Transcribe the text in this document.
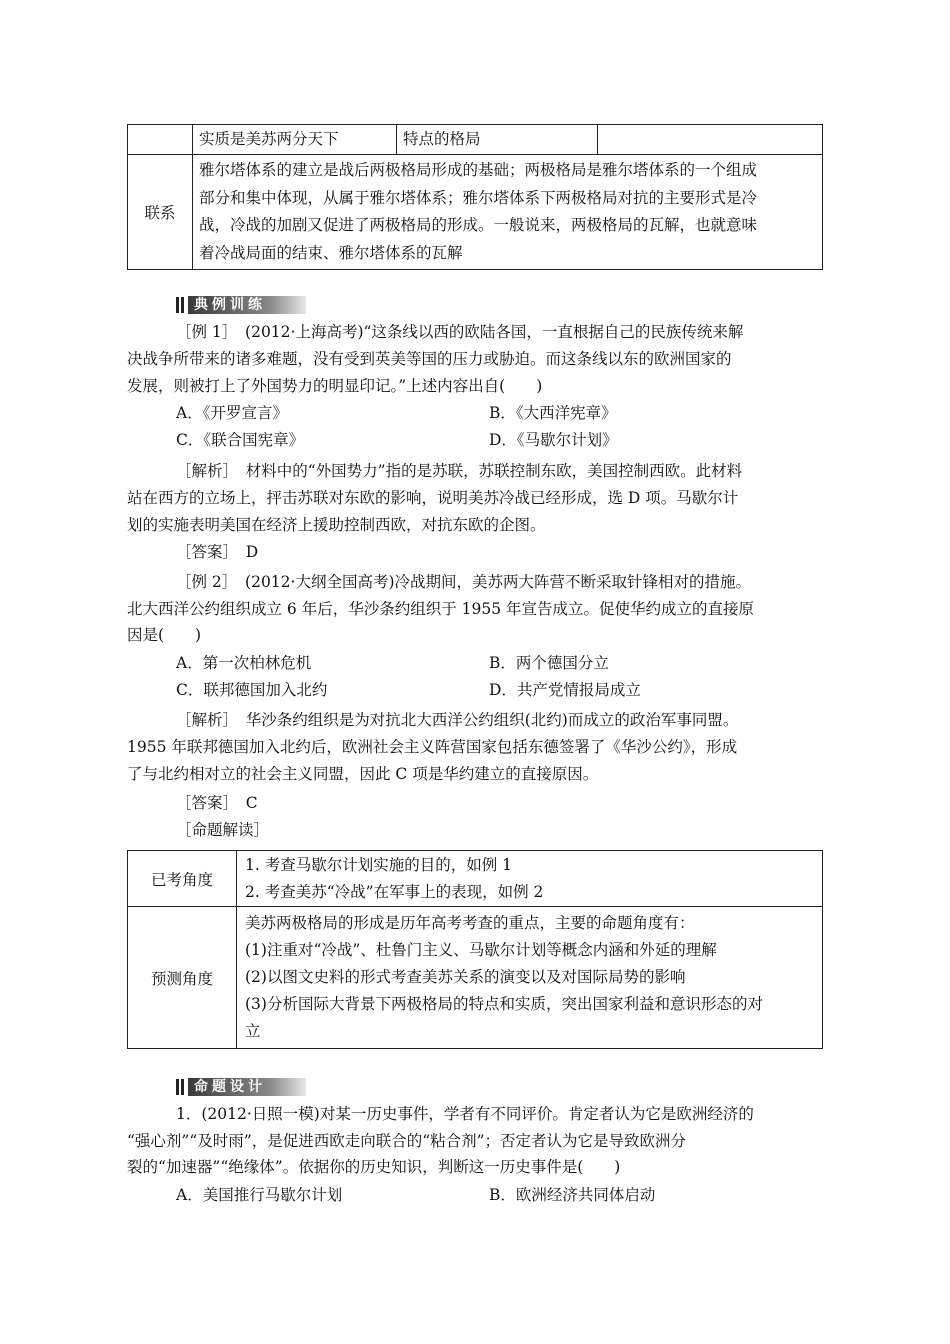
	实质是美苏两分天下	特点的格局	

联系	雅尔塔体系的建立是战后两极格局形成的基础；两极格局是雅尔塔体系的一个组成
部分和集中体现，从属于雅尔塔体系；雅尔塔体系下两极格局对抗的主要形式是冷
战，冷战的加剧又促进了两极格局的形成。一般说来，两极格局的瓦解，也就意味
着冷战局面的结束、雅尔塔体系的瓦解		
典例训练
［例 1］　(2012·上海高考)“这条线以西的欧陆各国，一直根据自己的民族传统来解
决战争所带来的诸多难题，没有受到英美等国的压力或胁迫。而这条线以东的欧洲国家的
发展，则被打上了外国势力的明显印记。”上述内容出自(　　)
A．《开罗宣言》	B．《大西洋宪章》
C．《联合国宪章》	D．《马歇尔计划》
［解析］　材料中的“外国势力”指的是苏联，苏联控制东欧，美国控制西欧。此材料
站在西方的立场上，抨击苏联对东欧的影响，说明美苏冷战已经形成，选 D 项。马歇尔计
划的实施表明美国在经济上援助控制西欧，对抗东欧的企图。
［答案］　D
［例 2］　(2012·大纲全国高考)冷战期间，美苏两大阵营不断采取针锋相对的措施。
北大西洋公约组织成立 6 年后，华沙条约组织于 1955 年宣告成立。促使华约成立的直接原
因是(　　)
A．第一次柏林危机	B．两个德国分立
C．联邦德国加入北约	D．共产党情报局成立
［解析］　华沙条约组织是为对抗北大西洋公约组织(北约)而成立的政治军事同盟。
1955 年联邦德国加入北约后，欧洲社会主义阵营国家包括东德签署了《华沙公约》，形成
了与北约相对立的社会主义同盟，因此 C 项是华约建立的直接原因。
［答案］　C
［命题解读］
已考角度	1. 考查马歇尔计划实施的目的，如例 1
2. 考查美苏“冷战”在军事上的表现，如例 2

预测角度	美苏两极格局的形成是历年高考考查的重点，主要的命题角度有：
(1)注重对“冷战”、杜鲁门主义、马歇尔计划等概念内涵和外延的理解
(2)以图文史料的形式考查美苏关系的演变以及对国际局势的影响
(3)分析国际大背景下两极格局的特点和实质，突出国家利益和意识形态的对
立
命题设计
1．(2012·日照一模)对某一历史事件，学者有不同评价。肯定者认为它是欧洲经济的
“强心剂”“及时雨”，是促进西欧走向联合的“粘合剂”；否定者认为它是导致欧洲分
裂的“加速器”“绝缘体”。依据你的历史知识，判断这一历史事件是(　　)
A．美国推行马歇尔计划	B．欧洲经济共同体启动
